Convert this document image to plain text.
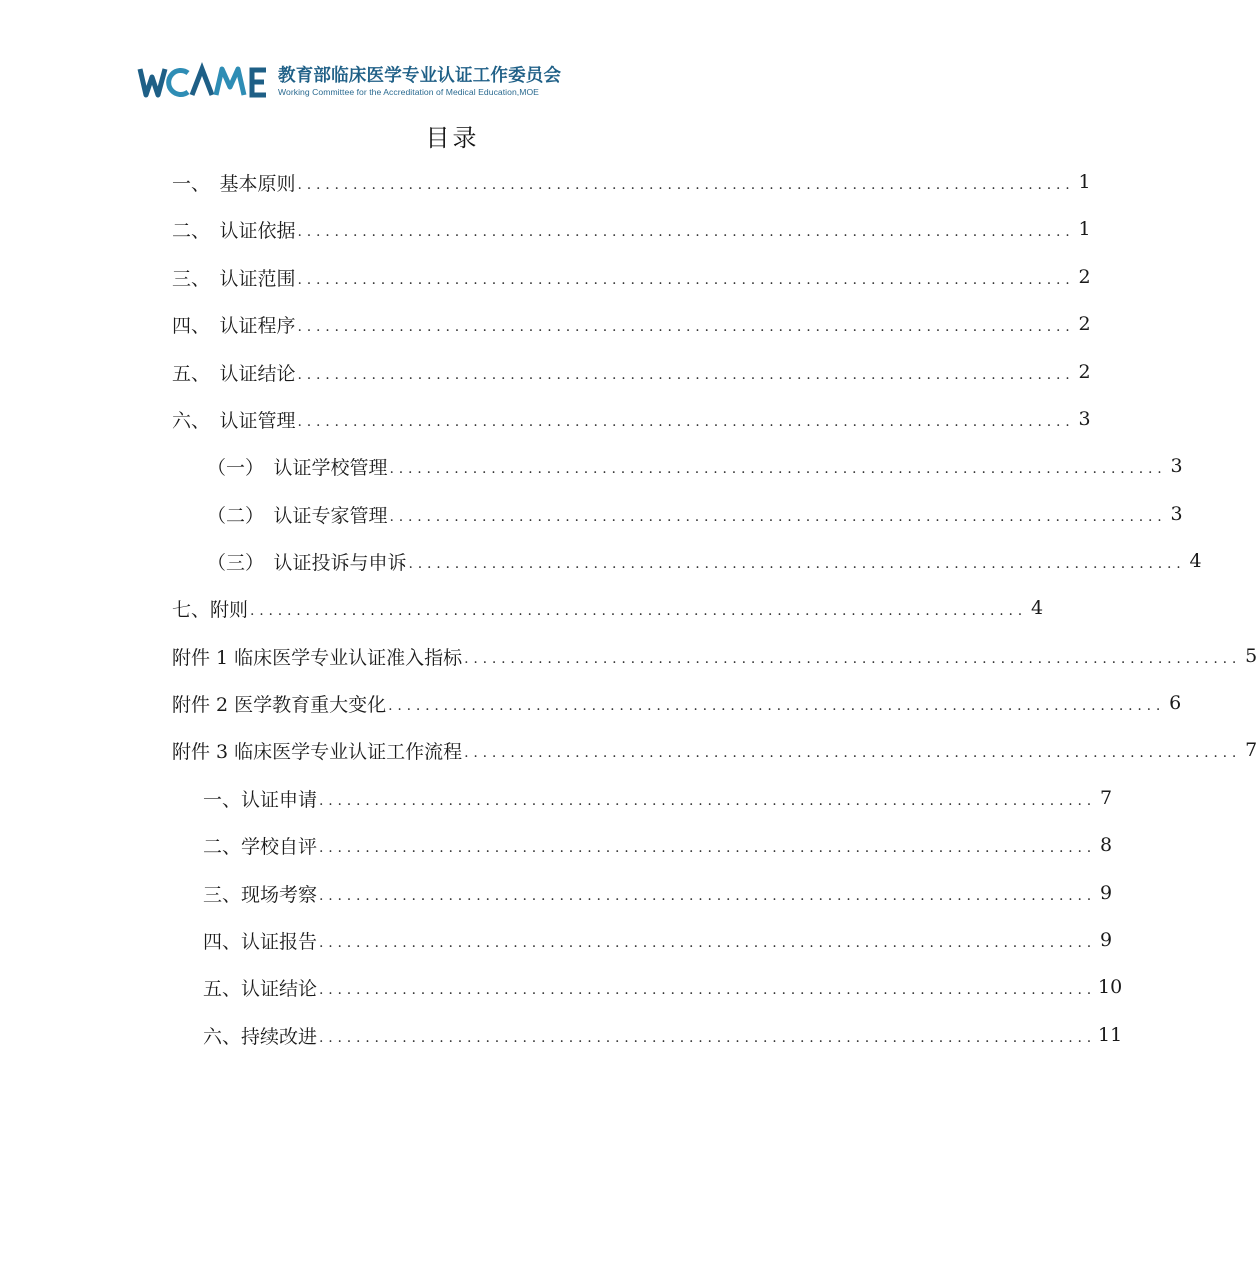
教育部临床医学专业认证工作委员会
Working Committee for the Accreditation of Medical Education,MOE
目录
一、　基本原则 .................................................................................... 1
二、　认证依据 .................................................................................... 1
三、　认证范围 .................................................................................... 2
四、　认证程序 .................................................................................... 2
五、　认证结论 .................................................................................... 2
六、　认证管理 .................................................................................... 3
（一）　认证学校管理 .................................................................................... 3
（二）　认证专家管理 .................................................................................... 3
（三）　认证投诉与申诉 .................................................................................... 4
七、附则 .................................................................................... 4
附件 1 临床医学专业认证准入指标 .................................................................................... 5
附件 2 医学教育重大变化 .................................................................................... 6
附件 3 临床医学专业认证工作流程 .................................................................................... 7
一、认证申请 .................................................................................... 7
二、学校自评 .................................................................................... 8
三、现场考察 .................................................................................... 9
四、认证报告 .................................................................................... 9
五、认证结论 .................................................................................... 10
六、持续改进 .................................................................................... 11
